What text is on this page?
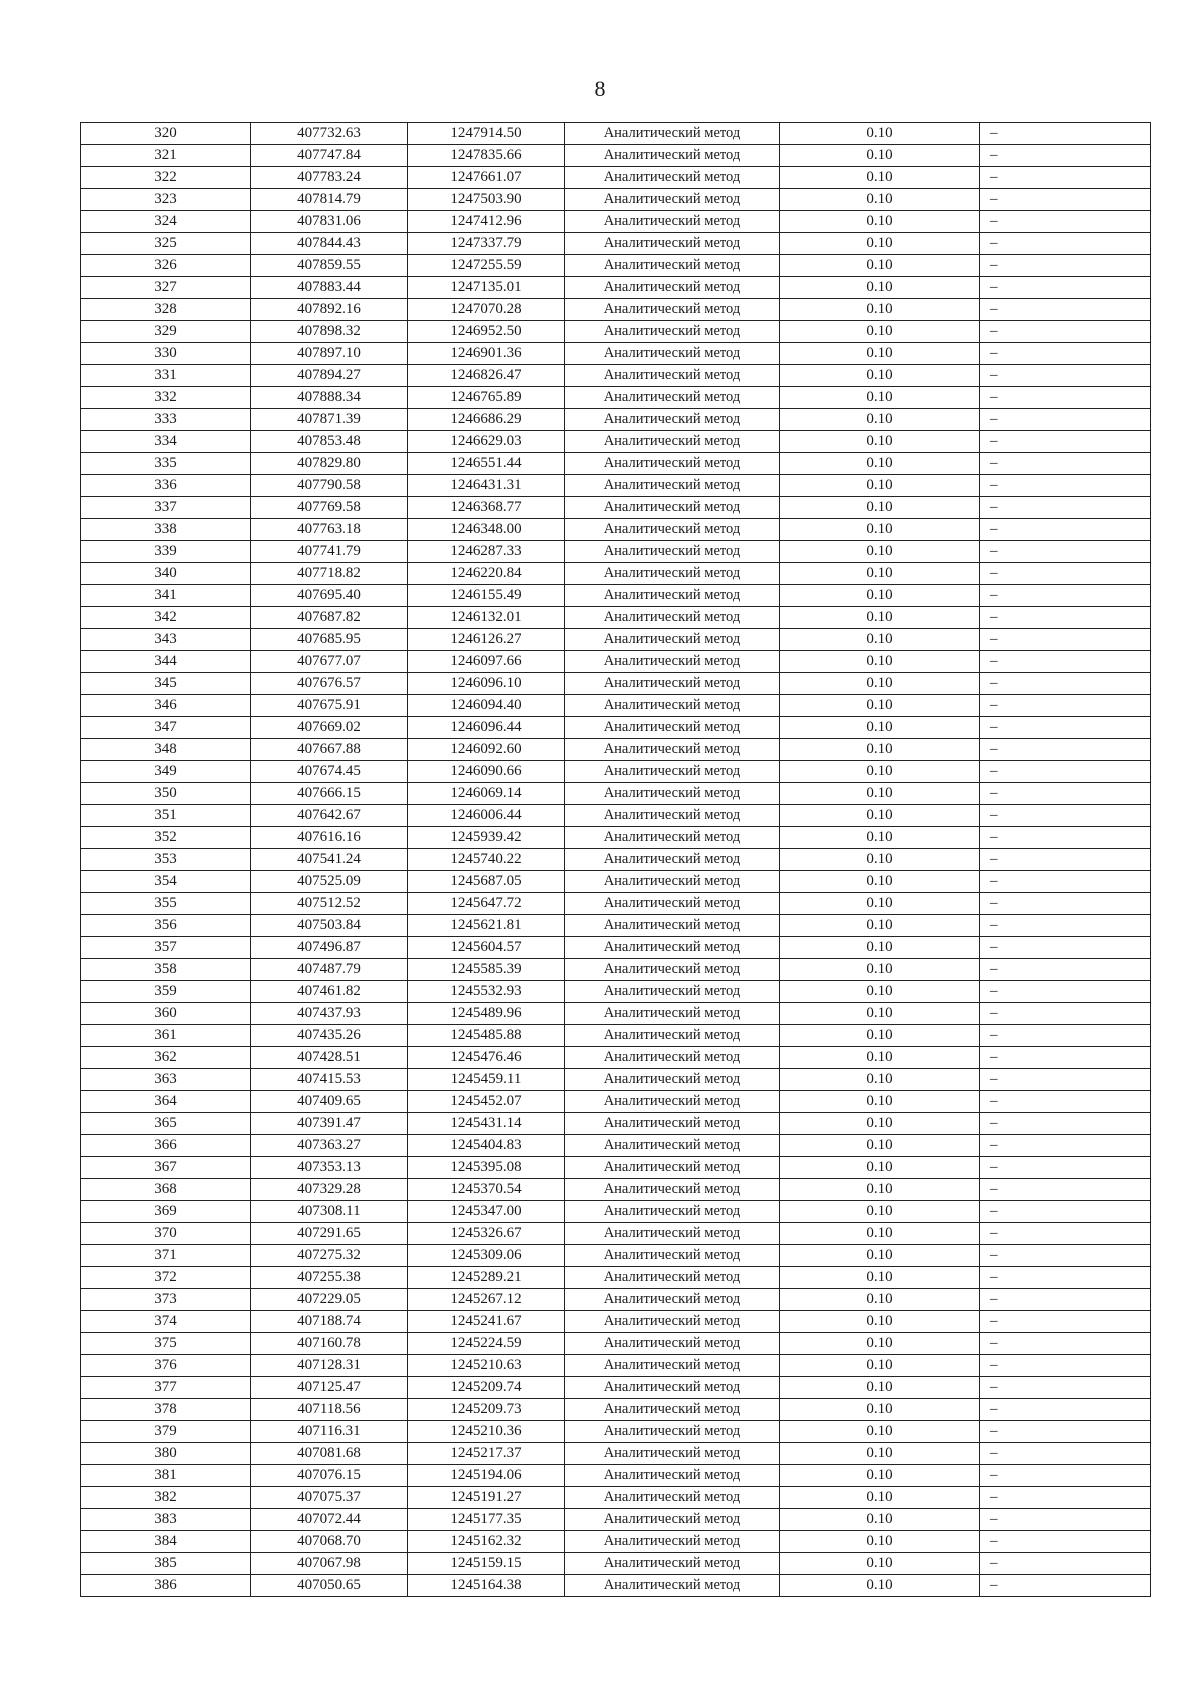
8
320	407732.63	1247914.50	Аналитический метод	0.10	–
321	407747.84	1247835.66	Аналитический метод	0.10	–
322	407783.24	1247661.07	Аналитический метод	0.10	–
323	407814.79	1247503.90	Аналитический метод	0.10	–
324	407831.06	1247412.96	Аналитический метод	0.10	–
325	407844.43	1247337.79	Аналитический метод	0.10	–
326	407859.55	1247255.59	Аналитический метод	0.10	–
327	407883.44	1247135.01	Аналитический метод	0.10	–
328	407892.16	1247070.28	Аналитический метод	0.10	–
329	407898.32	1246952.50	Аналитический метод	0.10	–
330	407897.10	1246901.36	Аналитический метод	0.10	–
331	407894.27	1246826.47	Аналитический метод	0.10	–
332	407888.34	1246765.89	Аналитический метод	0.10	–
333	407871.39	1246686.29	Аналитический метод	0.10	–
334	407853.48	1246629.03	Аналитический метод	0.10	–
335	407829.80	1246551.44	Аналитический метод	0.10	–
336	407790.58	1246431.31	Аналитический метод	0.10	–
337	407769.58	1246368.77	Аналитический метод	0.10	–
338	407763.18	1246348.00	Аналитический метод	0.10	–
339	407741.79	1246287.33	Аналитический метод	0.10	–
340	407718.82	1246220.84	Аналитический метод	0.10	–
341	407695.40	1246155.49	Аналитический метод	0.10	–
342	407687.82	1246132.01	Аналитический метод	0.10	–
343	407685.95	1246126.27	Аналитический метод	0.10	–
344	407677.07	1246097.66	Аналитический метод	0.10	–
345	407676.57	1246096.10	Аналитический метод	0.10	–
346	407675.91	1246094.40	Аналитический метод	0.10	–
347	407669.02	1246096.44	Аналитический метод	0.10	–
348	407667.88	1246092.60	Аналитический метод	0.10	–
349	407674.45	1246090.66	Аналитический метод	0.10	–
350	407666.15	1246069.14	Аналитический метод	0.10	–
351	407642.67	1246006.44	Аналитический метод	0.10	–
352	407616.16	1245939.42	Аналитический метод	0.10	–
353	407541.24	1245740.22	Аналитический метод	0.10	–
354	407525.09	1245687.05	Аналитический метод	0.10	–
355	407512.52	1245647.72	Аналитический метод	0.10	–
356	407503.84	1245621.81	Аналитический метод	0.10	–
357	407496.87	1245604.57	Аналитический метод	0.10	–
358	407487.79	1245585.39	Аналитический метод	0.10	–
359	407461.82	1245532.93	Аналитический метод	0.10	–
360	407437.93	1245489.96	Аналитический метод	0.10	–
361	407435.26	1245485.88	Аналитический метод	0.10	–
362	407428.51	1245476.46	Аналитический метод	0.10	–
363	407415.53	1245459.11	Аналитический метод	0.10	–
364	407409.65	1245452.07	Аналитический метод	0.10	–
365	407391.47	1245431.14	Аналитический метод	0.10	–
366	407363.27	1245404.83	Аналитический метод	0.10	–
367	407353.13	1245395.08	Аналитический метод	0.10	–
368	407329.28	1245370.54	Аналитический метод	0.10	–
369	407308.11	1245347.00	Аналитический метод	0.10	–
370	407291.65	1245326.67	Аналитический метод	0.10	–
371	407275.32	1245309.06	Аналитический метод	0.10	–
372	407255.38	1245289.21	Аналитический метод	0.10	–
373	407229.05	1245267.12	Аналитический метод	0.10	–
374	407188.74	1245241.67	Аналитический метод	0.10	–
375	407160.78	1245224.59	Аналитический метод	0.10	–
376	407128.31	1245210.63	Аналитический метод	0.10	–
377	407125.47	1245209.74	Аналитический метод	0.10	–
378	407118.56	1245209.73	Аналитический метод	0.10	–
379	407116.31	1245210.36	Аналитический метод	0.10	–
380	407081.68	1245217.37	Аналитический метод	0.10	–
381	407076.15	1245194.06	Аналитический метод	0.10	–
382	407075.37	1245191.27	Аналитический метод	0.10	–
383	407072.44	1245177.35	Аналитический метод	0.10	–
384	407068.70	1245162.32	Аналитический метод	0.10	–
385	407067.98	1245159.15	Аналитический метод	0.10	–
386	407050.65	1245164.38	Аналитический метод	0.10	–
